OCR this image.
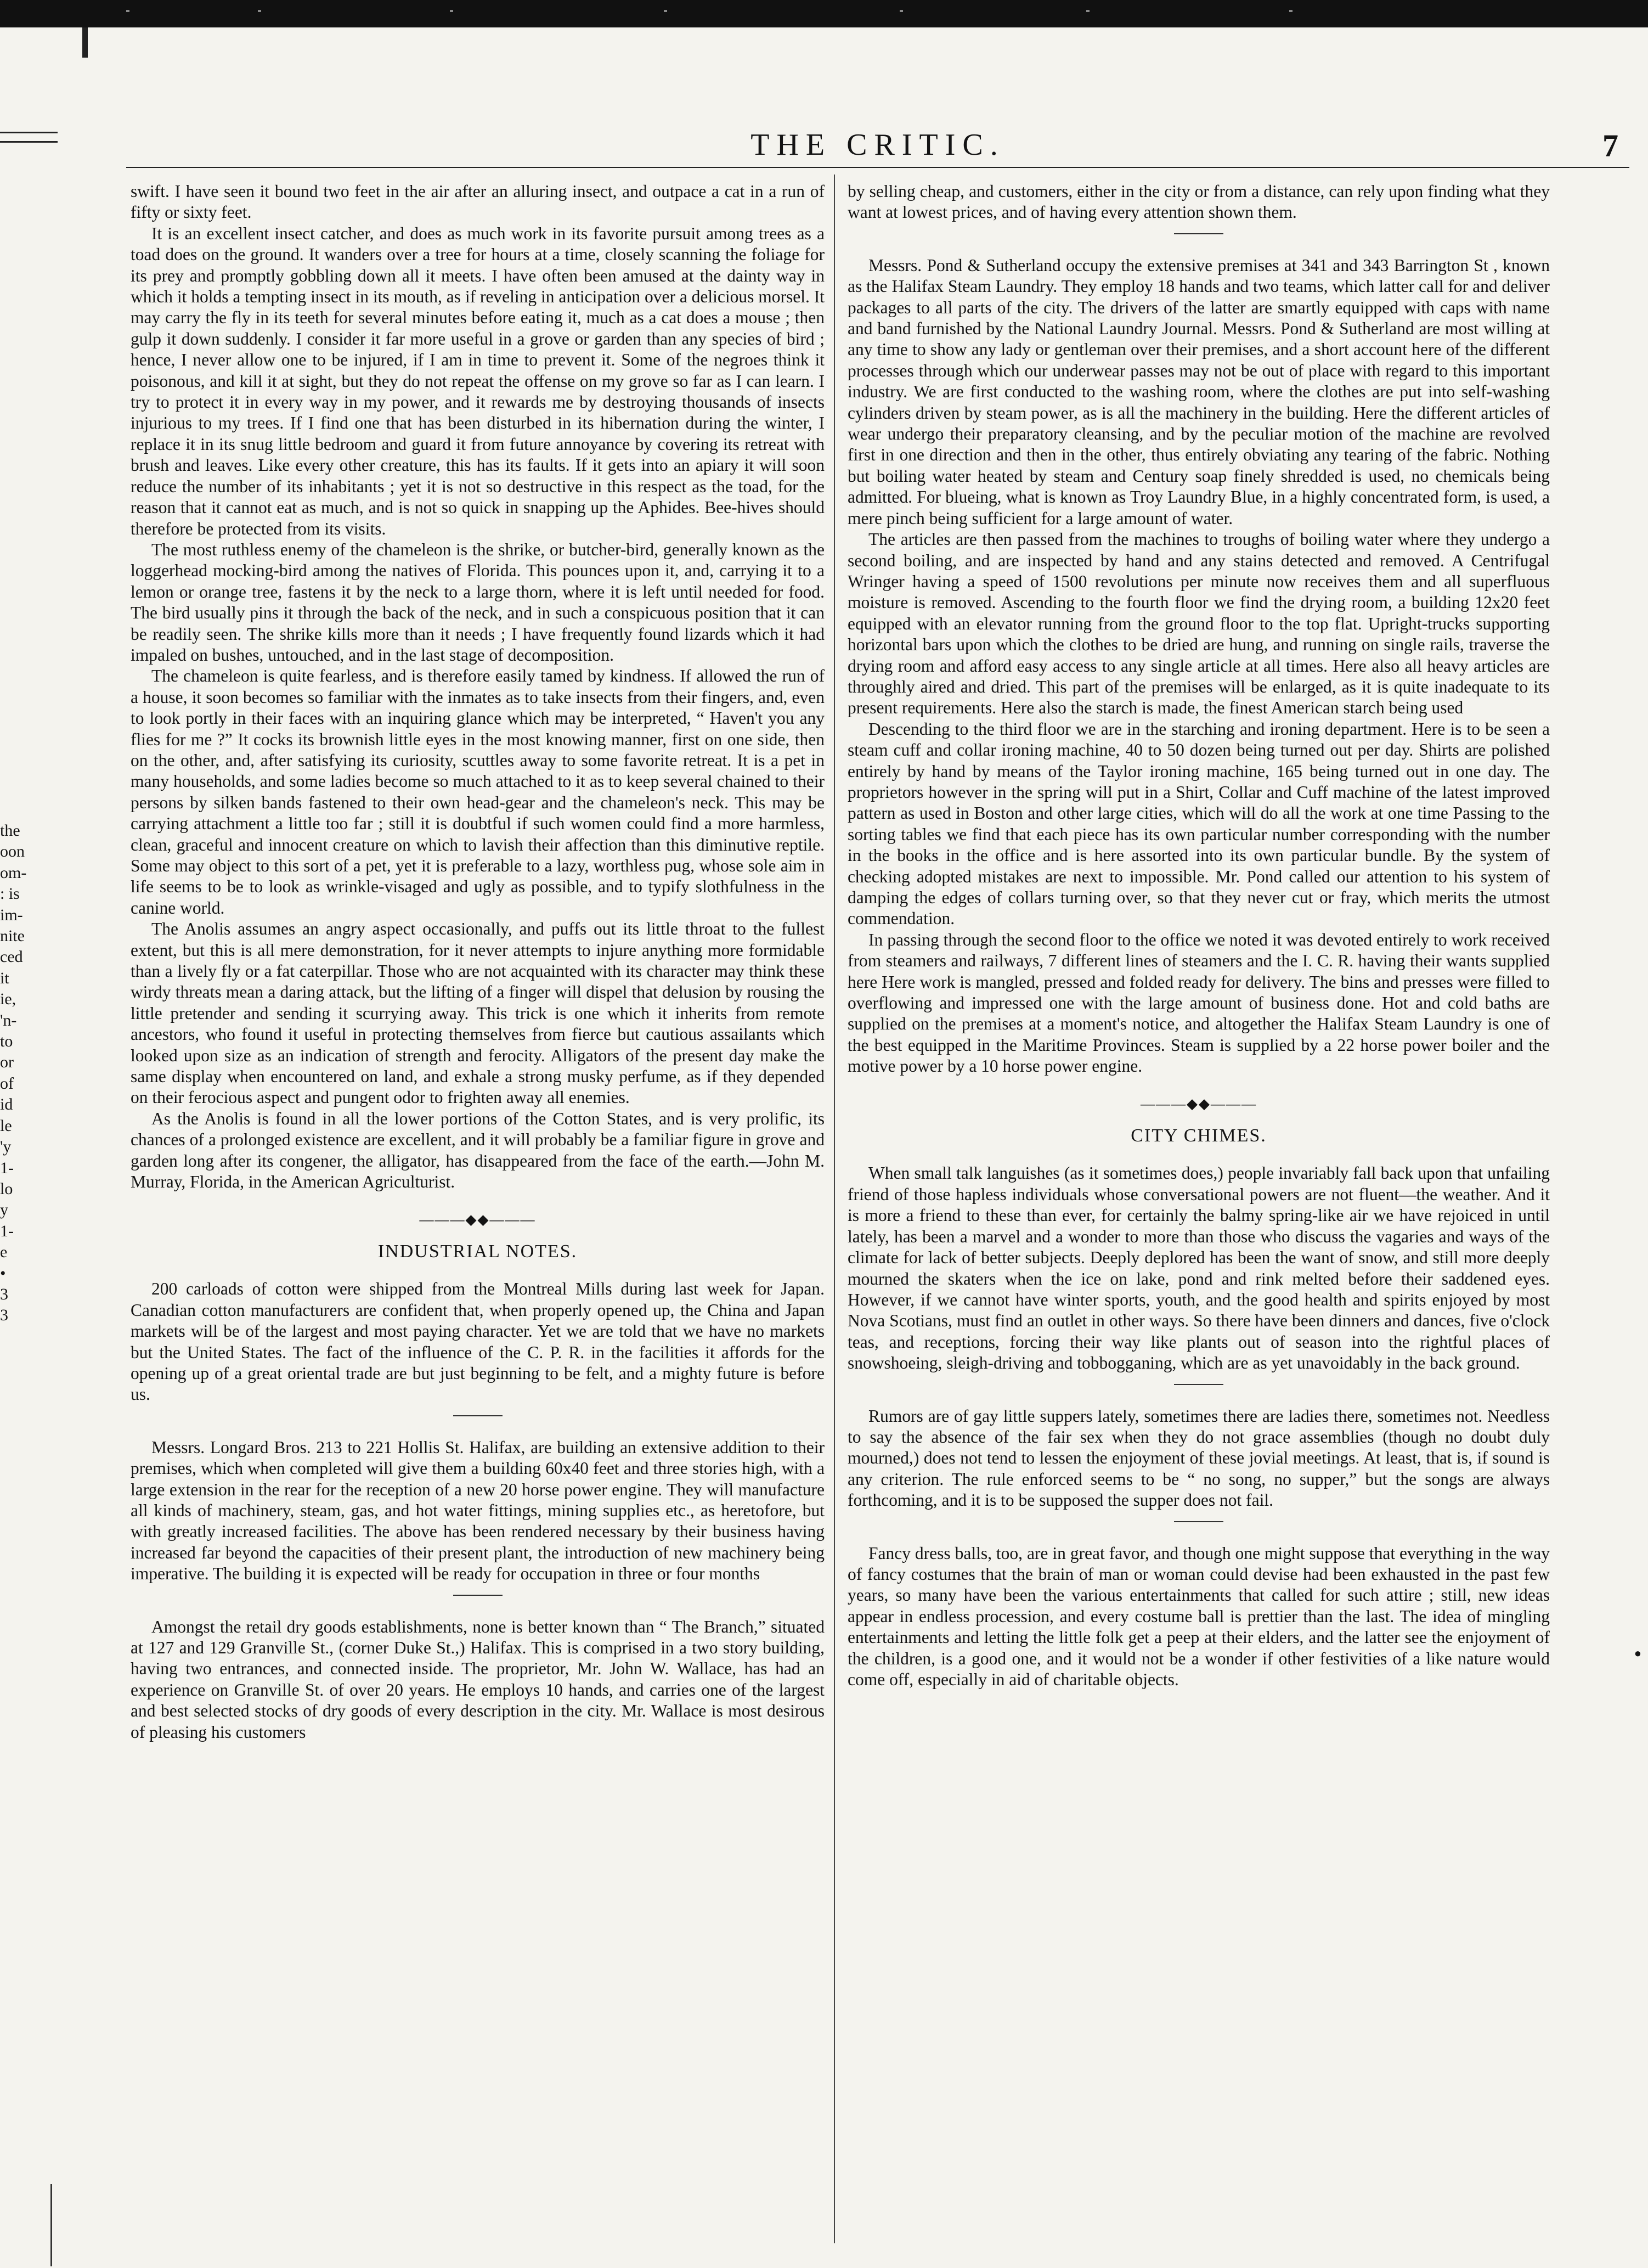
THE CRITIC.	7

swift. I have seen it bound two feet in the air after an alluring insect, and outpace a cat in a run of fifty or sixty feet.

It is an excellent insect catcher, and does as much work in its favorite pursuit among trees as a toad does on the ground. It wanders over a tree for hours at a time, closely scanning the foliage for its prey and promptly gobbling down all it meets. I have often been amused at the dainty way in which it holds a tempting insect in its mouth, as if reveling in anticipation over a delicious morsel. It may carry the fly in its teeth for several minutes before eating it, much as a cat does a mouse ; then gulp it down suddenly. I consider it far more useful in a grove or garden than any species of bird ; hence, I never allow one to be injured, if I am in time to prevent it. Some of the negroes think it poisonous, and kill it at sight, but they do not repeat the offense on my grove so far as I can learn. I try to protect it in every way in my power, and it rewards me by destroying thousands of insects injurious to my trees. If I find one that has been disturbed in its hibernation during the winter, I replace it in its snug little bedroom and guard it from future annoyance by covering its retreat with brush and leaves. Like every other creature, this has its faults. If it gets into an apiary it will soon reduce the number of its inhabitants ; yet it is not so destructive in this respect as the toad, for the reason that it cannot eat as much, and is not so quick in snapping up the Aphides. Bee-hives should therefore be protected from its visits.

The most ruthless enemy of the chameleon is the shrike, or butcher-bird, generally known as the loggerhead mocking-bird among the natives of Florida. This pounces upon it, and, carrying it to a lemon or orange tree, fastens it by the neck to a large thorn, where it is left until needed for food. The bird usually pins it through the back of the neck, and in such a conspicuous position that it can be readily seen. The shrike kills more than it needs ; I have frequently found lizards which it had impaled on bushes, untouched, and in the last stage of decomposition.

The chameleon is quite fearless, and is therefore easily tamed by kindness. If allowed the run of a house, it soon becomes so familiar with the inmates as to take insects from their fingers, and, even to look portly in their faces with an inquiring glance which may be interpreted, “ Haven't you any flies for me ?” It cocks its brownish little eyes in the most knowing manner, first on one side, then on the other, and, after satisfying its curiosity, scuttles away to some favorite retreat. It is a pet in many households, and some ladies become so much attached to it as to keep several chained to their persons by silken bands fastened to their own head-gear and the chameleon's neck. This may be carrying attachment a little too far ; still it is doubtful if such women could find a more harmless, clean, graceful and innocent creature on which to lavish their affection than this diminutive reptile. Some may object to this sort of a pet, yet it is preferable to a lazy, worthless pug, whose sole aim in life seems to be to look as wrinkle-visaged and ugly as possible, and to typify slothfulness in the canine world.

The Anolis assumes an angry aspect occasionally, and puffs out its little throat to the fullest extent, but this is all mere demonstration, for it never attempts to injure anything more formidable than a lively fly or a fat caterpillar. Those who are not acquainted with its character may think these wirdy threats mean a daring attack, but the lifting of a finger will dispel that delusion by rousing the little pretender and sending it scurrying away. This trick is one which it inherits from remote ancestors, who found it useful in protecting themselves from fierce but cautious assailants which looked upon size as an indication of strength and ferocity. Alligators of the present day make the same display when encountered on land, and exhale a strong musky perfume, as if they depended on their ferocious aspect and pungent odor to frighten away all enemies.

As the Anolis is found in all the lower portions of the Cotton States, and is very prolific, its chances of a prolonged existence are excellent, and it will probably be a familiar figure in grove and garden long after its congener, the alligator, has disappeared from the face of the earth.—John M. Murray, Florida, in the American Agriculturist.

———◆◆———
INDUSTRIAL NOTES.

200 carloads of cotton were shipped from the Montreal Mills during last week for Japan. Canadian cotton manufacturers are confident that, when properly opened up, the China and Japan markets will be of the largest and most paying character. Yet we are told that we have no markets but the United States. The fact of the influence of the C. P. R. in the facilities it affords for the opening up of a great oriental trade are but just beginning to be felt, and a mighty future is before us.

Messrs. Longard Bros. 213 to 221 Hollis St. Halifax, are building an extensive addition to their premises, which when completed will give them a building 60x40 feet and three stories high, with a large extension in the rear for the reception of a new 20 horse power engine. They will manufacture all kinds of machinery, steam, gas, and hot water fittings, mining supplies etc., as heretofore, but with greatly increased facilities. The above has been rendered necessary by their business having increased far beyond the capacities of their present plant, the introduction of new machinery being imperative. The building it is expected will be ready for occupation in three or four months

Amongst the retail dry goods establishments, none is better known than “ The Branch,” situated at 127 and 129 Granville St., (corner Duke St.,) Halifax. This is comprised in a two story building, having two entrances, and connected inside. The proprietor, Mr. John W. Wallace, has had an experience on Granville St. of over 20 years. He employs 10 hands, and carries one of the largest and best selected stocks of dry goods of every description in the city. Mr. Wallace is most desirous of pleasing his customers

by selling cheap, and customers, either in the city or from a distance, can rely upon finding what they want at lowest prices, and of having every attention shown them.

Messrs. Pond & Sutherland occupy the extensive premises at 341 and 343 Barrington St , known as the Halifax Steam Laundry. They employ 18 hands and two teams, which latter call for and deliver packages to all parts of the city. The drivers of the latter are smartly equipped with caps with name and band furnished by the National Laundry Journal. Messrs. Pond & Sutherland are most willing at any time to show any lady or gentleman over their premises, and a short account here of the different processes through which our underwear passes may not be out of place with regard to this important industry. We are first conducted to the washing room, where the clothes are put into self-washing cylinders driven by steam power, as is all the machinery in the building. Here the different articles of wear undergo their preparatory cleansing, and by the peculiar motion of the machine are revolved first in one direction and then in the other, thus entirely obviating any tearing of the fabric. Nothing but boiling water heated by steam and Century soap finely shredded is used, no chemicals being admitted. For blueing, what is known as Troy Laundry Blue, in a highly concentrated form, is used, a mere pinch being sufficient for a large amount of water.

The articles are then passed from the machines to troughs of boiling water where they undergo a second boiling, and are inspected by hand and any stains detected and removed. A Centrifugal Wringer having a speed of 1500 revolutions per minute now receives them and all superfluous moisture is removed. Ascending to the fourth floor we find the drying room, a building 12x20 feet equipped with an elevator running from the ground floor to the top flat. Upright-trucks supporting horizontal bars upon which the clothes to be dried are hung, and running on single rails, traverse the drying room and afford easy access to any single article at all times. Here also all heavy articles are throughly aired and dried. This part of the premises will be enlarged, as it is quite inadequate to its present requirements. Here also the starch is made, the finest American starch being used

Descending to the third floor we are in the starching and ironing department. Here is to be seen a steam cuff and collar ironing machine, 40 to 50 dozen being turned out per day. Shirts are polished entirely by hand by means of the Taylor ironing machine, 165 being turned out in one day. The proprietors however in the spring will put in a Shirt, Collar and Cuff machine of the latest improved pattern as used in Boston and other large cities, which will do all the work at one time Passing to the sorting tables we find that each piece has its own particular number corresponding with the number in the books in the office and is here assorted into its own particular bundle. By the system of checking adopted mistakes are next to impossible. Mr. Pond called our attention to his system of damping the edges of collars turning over, so that they never cut or fray, which merits the utmost commendation.

In passing through the second floor to the office we noted it was devoted entirely to work received from steamers and railways, 7 different lines of steamers and the I. C. R. having their wants supplied here Here work is mangled, pressed and folded ready for delivery. The bins and presses were filled to overflowing and impressed one with the large amount of business done. Hot and cold baths are supplied on the premises at a moment's notice, and altogether the Halifax Steam Laundry is one of the best equipped in the Maritime Provinces. Steam is supplied by a 22 horse power boiler and the motive power by a 10 horse power engine.

———◆◆———
CITY CHIMES.

When small talk languishes (as it sometimes does,) people invariably fall back upon that unfailing friend of those hapless individuals whose conversational powers are not fluent—the weather. And it is more a friend to these than ever, for certainly the balmy spring-like air we have rejoiced in until lately, has been a marvel and a wonder to more than those who discuss the vagaries and ways of the climate for lack of better subjects. Deeply deplored has been the want of snow, and still more deeply mourned the skaters when the ice on lake, pond and rink melted before their saddened eyes. However, if we cannot have winter sports, youth, and the good health and spirits enjoyed by most Nova Scotians, must find an outlet in other ways. So there have been dinners and dances, five o'clock teas, and receptions, forcing their way like plants out of season into the rightful places of snowshoeing, sleigh-driving and tobbogganing, which are as yet unavoidably in the back ground.

Rumors are of gay little suppers lately, sometimes there are ladies there, sometimes not. Needless to say the absence of the fair sex when they do not grace assemblies (though no doubt duly mourned,) does not tend to lessen the enjoyment of these jovial meetings. At least, that is, if sound is any criterion. The rule enforced seems to be “ no song, no supper,” but the songs are always forthcoming, and it is to be supposed the supper does not fail.

Fancy dress balls, too, are in great favor, and though one might suppose that everything in the way of fancy costumes that the brain of man or woman could devise had been exhausted in the past few years, so many have been the various entertainments that called for such attire ; still, new ideas appear in endless procession, and every costume ball is prettier than the last. The idea of mingling entertainments and letting the little folk get a peep at their elders, and the latter see the enjoyment of the children, is a good one, and it would not be a wonder if other festivities of a like nature would come off, especially in aid of charitable objects.

the
oon
om-
: is
im-
nite
ced
it
ie,
'n-
to
or
of
id
le
'y
1-
lo
y
1-
e
•
3
3
●
